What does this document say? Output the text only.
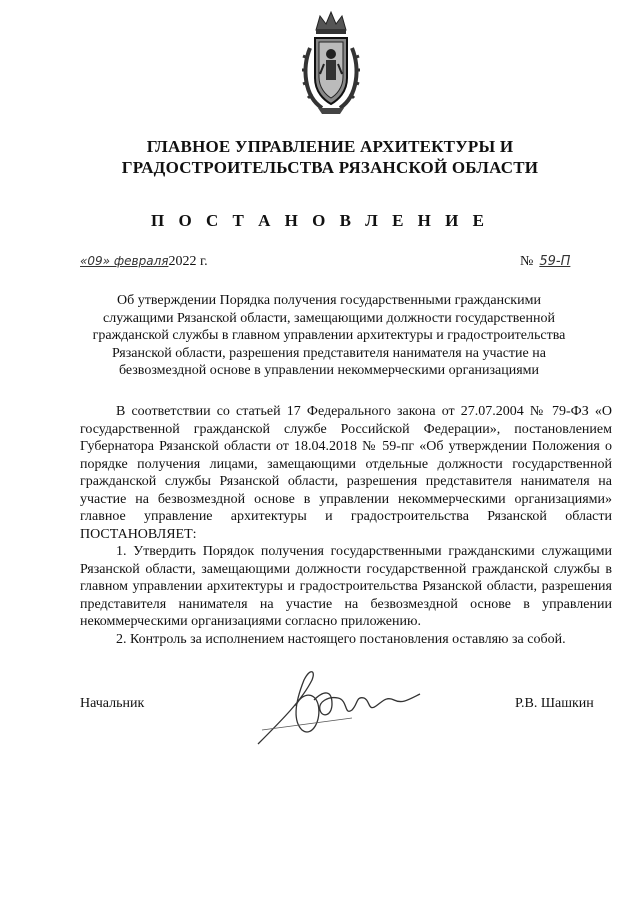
ГЛАВНОЕ УПРАВЛЕНИЕ АРХИТЕКТУРЫ И ГРАДОСТРОИТЕЛЬСТВА РЯЗАНСКОЙ ОБЛАСТИ
П О С Т А Н О В Л Е Н И Е
«09» февраля2022 г.	№ 59-П
Об утверждении Порядка получения государственными гражданскими служащими Рязанской области, замещающими должности государственной гражданской службы в главном управлении архитектуры и градостроительства Рязанской области, разрешения представителя нанимателя на участие на безвозмездной основе в управлении некоммерческими организациями

В соответствии со статьей 17 Федерального закона от 27.07.2004 № 79-ФЗ «О государственной гражданской службе Российской Федерации», постановлением Губернатора Рязанской области от 18.04.2018 № 59-пг «Об утверждении Положения о порядке получения лицами, замещающими отдельные должности государственной гражданской службы Рязанской области, разрешения представителя нанимателя на участие на безвозмездной основе в управлении некоммерческими организациями» главное управление архитектуры и градостроительства Рязанской области ПОСТАНОВЛЯЕТ:

1. Утвердить Порядок получения государственными гражданскими служащими Рязанской области, замещающими должности государственной гражданской службы в главном управлении архитектуры и градостроительства Рязанской области, разрешения представителя нанимателя на участие на безвозмездной основе в управлении некоммерческими организациями согласно приложению.

2. Контроль за исполнением настоящего постановления оставляю за собой.

Начальник	Р.В. Шашкин
